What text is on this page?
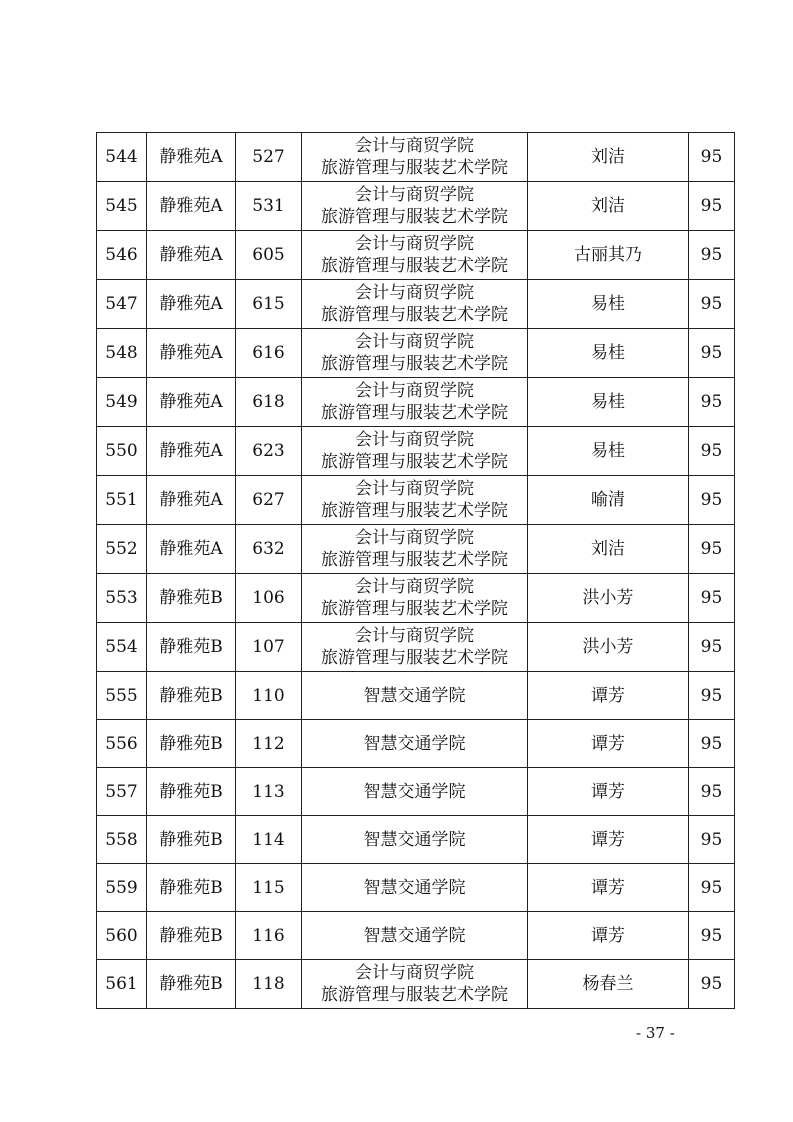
544	静雅苑A	527	会计与商贸学院
旅游管理与服装艺术学院	刘洁	95
545	静雅苑A	531	会计与商贸学院
旅游管理与服装艺术学院	刘洁	95
546	静雅苑A	605	会计与商贸学院
旅游管理与服装艺术学院	古丽其乃	95
547	静雅苑A	615	会计与商贸学院
旅游管理与服装艺术学院	易桂	95
548	静雅苑A	616	会计与商贸学院
旅游管理与服装艺术学院	易桂	95
549	静雅苑A	618	会计与商贸学院
旅游管理与服装艺术学院	易桂	95
550	静雅苑A	623	会计与商贸学院
旅游管理与服装艺术学院	易桂	95
551	静雅苑A	627	会计与商贸学院
旅游管理与服装艺术学院	喻清	95
552	静雅苑A	632	会计与商贸学院
旅游管理与服装艺术学院	刘洁	95
553	静雅苑B	106	会计与商贸学院
旅游管理与服装艺术学院	洪小芳	95
554	静雅苑B	107	会计与商贸学院
旅游管理与服装艺术学院	洪小芳	95
555	静雅苑B	110	智慧交通学院	谭芳	95
556	静雅苑B	112	智慧交通学院	谭芳	95
557	静雅苑B	113	智慧交通学院	谭芳	95
558	静雅苑B	114	智慧交通学院	谭芳	95
559	静雅苑B	115	智慧交通学院	谭芳	95
560	静雅苑B	116	智慧交通学院	谭芳	95
561	静雅苑B	118	会计与商贸学院
旅游管理与服装艺术学院	杨春兰	95
- 37 -
